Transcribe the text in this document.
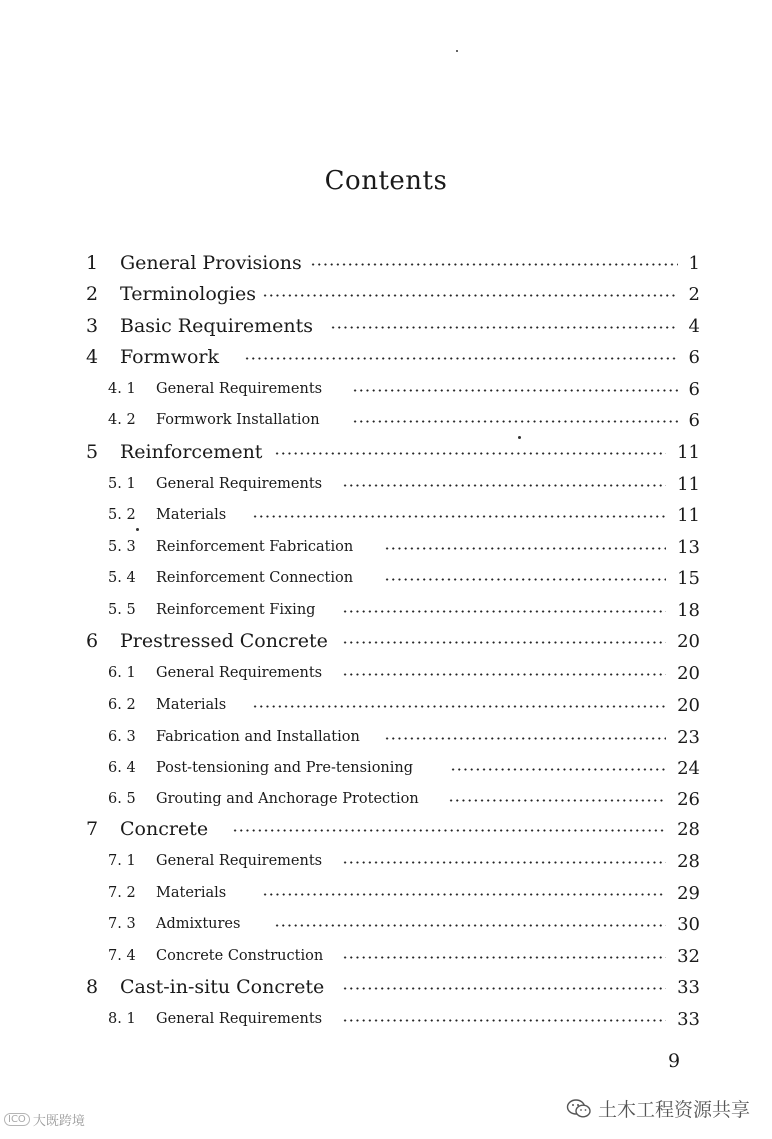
Contents
1 General Provisions	1
2 Terminologies	2
3 Basic Requirements	4
4 Formwork	6
4. 1 General Requirements	6
4. 2 Formwork Installation	6
5 Reinforcement	11
5. 1 General Requirements	11
5. 2 Materials	11
5. 3 Reinforcement Fabrication	13
5. 4 Reinforcement Connection	15
5. 5 Reinforcement Fixing	18
6 Prestressed Concrete	20
6. 1 General Requirements	20
6. 2 Materials	20
6. 3 Fabrication and Installation	23
6. 4 Post-tensioning and Pre-tensioning	24
6. 5 Grouting and Anchorage Protection	26
7 Concrete	28
7. 1 General Requirements	28
7. 2 Materials	29
7. 3 Admixtures	30
7. 4 Concrete Construction	32
8 Cast-in-situ Concrete	33
8. 1 General Requirements	33
9
ICO 大既跨境
土木工程资源共享
